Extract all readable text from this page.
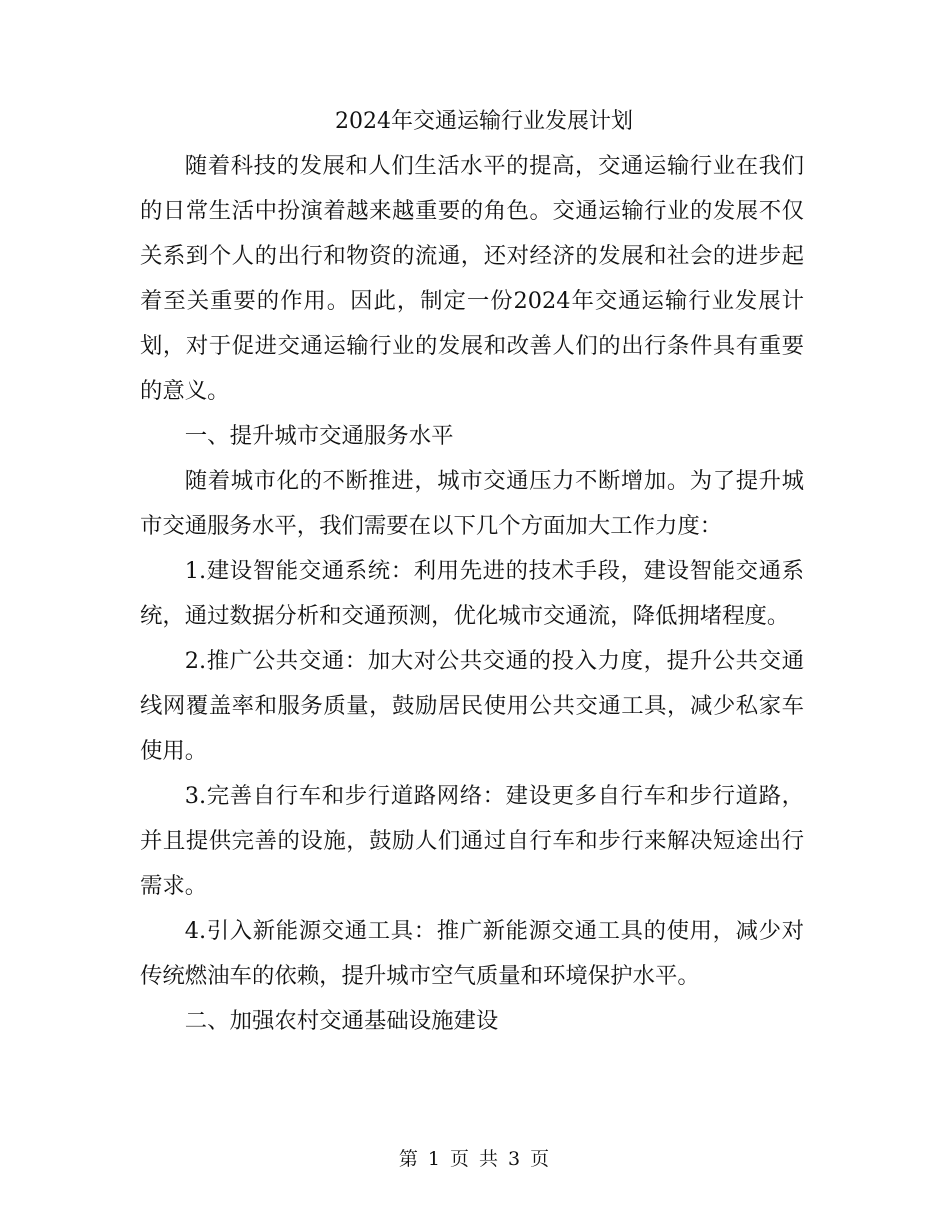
2024年交通运输行业发展计划

随着科技的发展和人们生活水平的提高，交通运输行业在我们的日常生活中扮演着越来越重要的角色。交通运输行业的发展不仅关系到个人的出行和物资的流通，还对经济的发展和社会的进步起着至关重要的作用。因此，制定一份2024年交通运输行业发展计划，对于促进交通运输行业的发展和改善人们的出行条件具有重要的意义。

一、提升城市交通服务水平

随着城市化的不断推进，城市交通压力不断增加。为了提升城市交通服务水平，我们需要在以下几个方面加大工作力度：

1.建设智能交通系统：利用先进的技术手段，建设智能交通系统，通过数据分析和交通预测，优化城市交通流，降低拥堵程度。

2.推广公共交通：加大对公共交通的投入力度，提升公共交通线网覆盖率和服务质量，鼓励居民使用公共交通工具，减少私家车使用。

3.完善自行车和步行道路网络：建设更多自行车和步行道路，并且提供完善的设施，鼓励人们通过自行车和步行来解决短途出行需求。

4.引入新能源交通工具：推广新能源交通工具的使用，减少对传统燃油车的依赖，提升城市空气质量和环境保护水平。

二、加强农村交通基础设施建设

第 1 页 共 3 页
